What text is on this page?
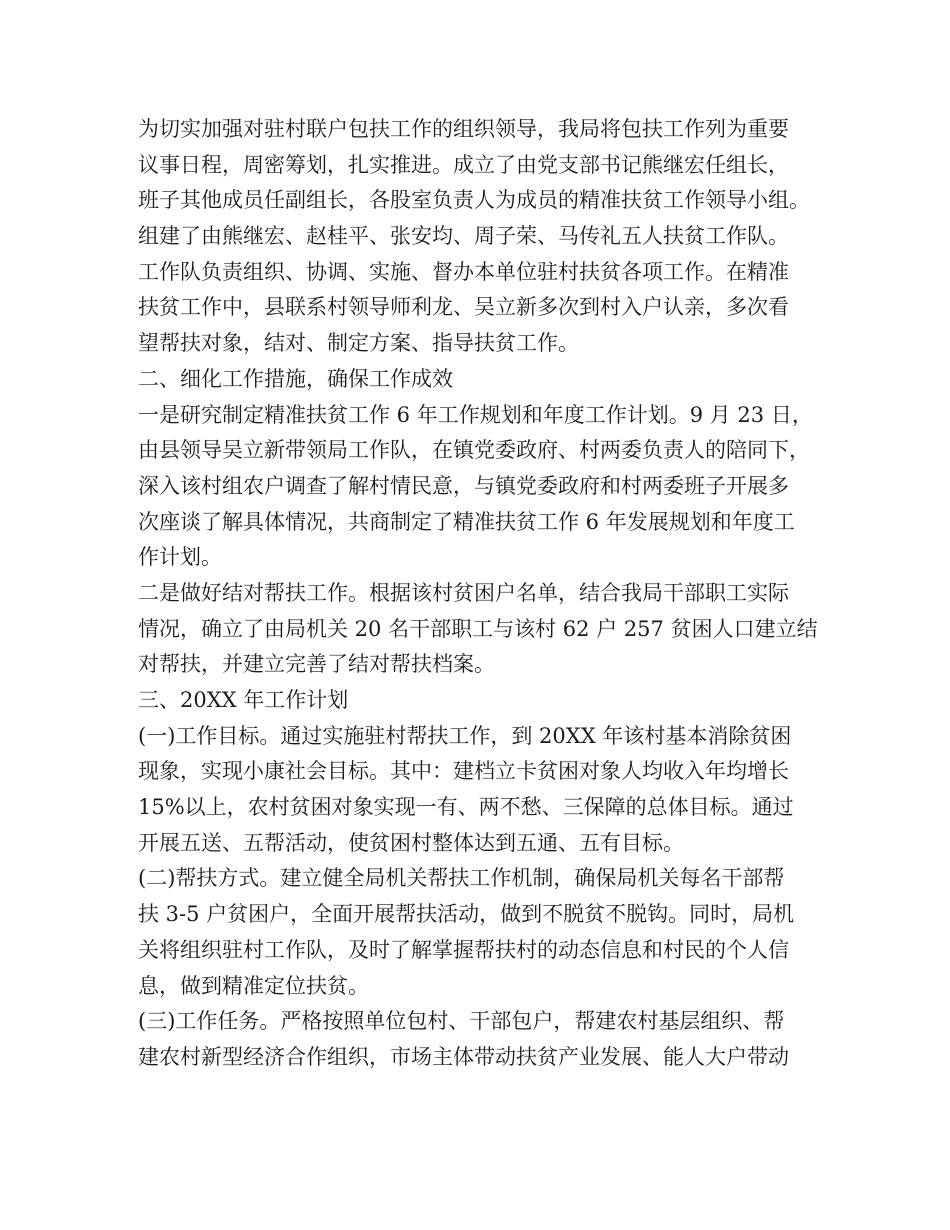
为切实加强对驻村联户包扶工作的组织领导，我局将包扶工作列为重要
议事日程，周密筹划，扎实推进。成立了由党支部书记熊继宏任组长，
班子其他成员任副组长，各股室负责人为成员的精准扶贫工作领导小组。
组建了由熊继宏、赵桂平、张安均、周子荣、马传礼五人扶贫工作队。
工作队负责组织、协调、实施、督办本单位驻村扶贫各项工作。在精准
扶贫工作中，县联系村领导师利龙、吴立新多次到村入户认亲，多次看
望帮扶对象，结对、制定方案、指导扶贫工作。
二、细化工作措施，确保工作成效
一是研究制定精准扶贫工作 6 年工作规划和年度工作计划。9 月 23 日，
由县领导吴立新带领局工作队，在镇党委政府、村两委负责人的陪同下，
深入该村组农户调查了解村情民意，与镇党委政府和村两委班子开展多
次座谈了解具体情况，共商制定了精准扶贫工作 6 年发展规划和年度工
作计划。
二是做好结对帮扶工作。根据该村贫困户名单，结合我局干部职工实际
情况，确立了由局机关 20 名干部职工与该村 62 户 257 贫困人口建立结
对帮扶，并建立完善了结对帮扶档案。
三、20XX 年工作计划
(一)工作目标。通过实施驻村帮扶工作，到 20XX 年该村基本消除贫困
现象，实现小康社会目标。其中：建档立卡贫困对象人均收入年均增长
15%以上，农村贫困对象实现一有、两不愁、三保障的总体目标。通过
开展五送、五帮活动，使贫困村整体达到五通、五有目标。
(二)帮扶方式。建立健全局机关帮扶工作机制，确保局机关每名干部帮
扶 3-5 户贫困户，全面开展帮扶活动，做到不脱贫不脱钩。同时，局机
关将组织驻村工作队，及时了解掌握帮扶村的动态信息和村民的个人信
息，做到精准定位扶贫。
(三)工作任务。严格按照单位包村、干部包户，帮建农村基层组织、帮
建农村新型经济合作组织，市场主体带动扶贫产业发展、能人大户带动
